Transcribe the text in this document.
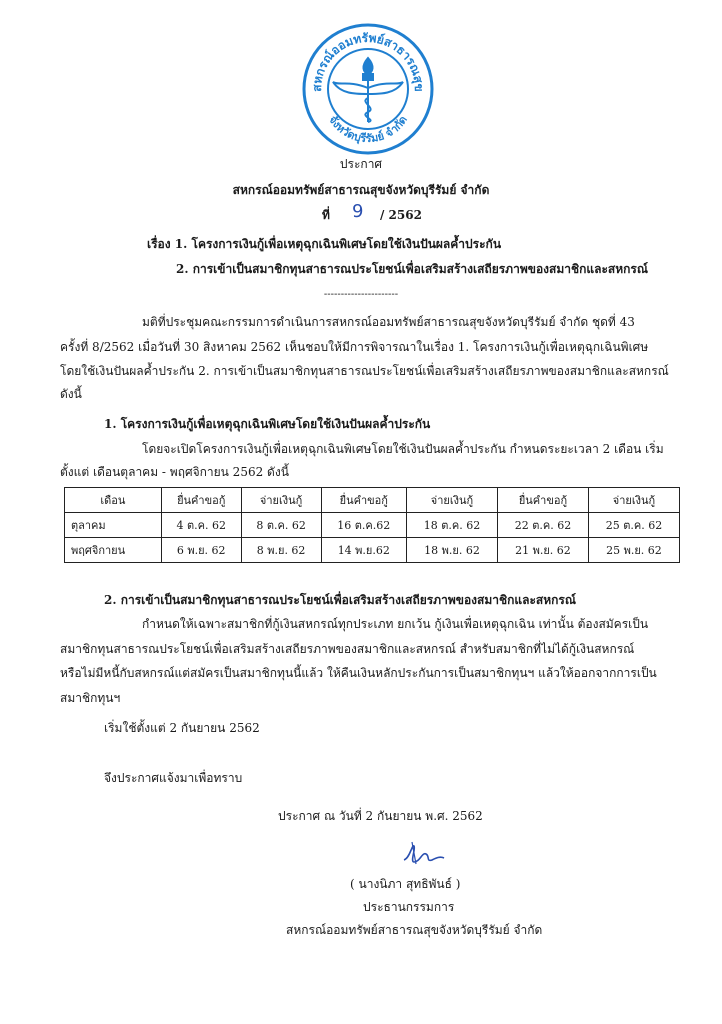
สหกรณ์ออมทรัพย์สาธารณสุข
จังหวัดบุรีรัมย์ จำกัด
ประกาศ
สหกรณ์ออมทรัพย์สาธารณสุขจังหวัดบุรีรัมย์ จำกัด
ที่ 9 / 2562
เรื่อง 1. โครงการเงินกู้เพื่อเหตุฉุกเฉินพิเศษโดยใช้เงินปันผลค้ำประกัน
2. การเข้าเป็นสมาชิกทุนสาธารณประโยชน์เพื่อเสริมสร้างเสถียรภาพของสมาชิกและสหกรณ์
----------------------
มติที่ประชุมคณะกรรมการดำเนินการสหกรณ์ออมทรัพย์สาธารณสุขจังหวัดบุรีรัมย์ จำกัด ชุดที่ 43
ครั้งที่ 8/2562 เมื่อวันที่ 30 สิงหาคม 2562 เห็นชอบให้มีการพิจารณาในเรื่อง 1. โครงการเงินกู้เพื่อเหตุฉุกเฉินพิเศษ
โดยใช้เงินปันผลค้ำประกัน 2. การเข้าเป็นสมาชิกทุนสาธารณประโยชน์เพื่อเสริมสร้างเสถียรภาพของสมาชิกและสหกรณ์
ดังนี้
1. โครงการเงินกู้เพื่อเหตุฉุกเฉินพิเศษโดยใช้เงินปันผลค้ำประกัน
โดยจะเปิดโครงการเงินกู้เพื่อเหตุฉุกเฉินพิเศษโดยใช้เงินปันผลค้ำประกัน กำหนดระยะเวลา 2 เดือน เริ่ม
ตั้งแต่ เดือนตุลาคม - พฤศจิกายน 2562 ดังนี้
เดือน	ยื่นคำขอกู้	จ่ายเงินกู้	ยื่นคำขอกู้	จ่ายเงินกู้	ยื่นคำขอกู้	จ่ายเงินกู้
ตุลาคม	4 ต.ค. 62	8 ต.ค. 62	16 ต.ค.62	18 ต.ค. 62	22 ต.ค. 62	25 ต.ค. 62
พฤศจิกายน	6 พ.ย. 62	8 พ.ย. 62	14 พ.ย.62	18 พ.ย. 62	21 พ.ย. 62	25 พ.ย. 62
2. การเข้าเป็นสมาชิกทุนสาธารณประโยชน์เพื่อเสริมสร้างเสถียรภาพของสมาชิกและสหกรณ์
กำหนดให้เฉพาะสมาชิกที่กู้เงินสหกรณ์ทุกประเภท ยกเว้น กู้เงินเพื่อเหตุฉุกเฉิน เท่านั้น ต้องสมัครเป็น
สมาชิกทุนสาธารณประโยชน์เพื่อเสริมสร้างเสถียรภาพของสมาชิกและสหกรณ์ สำหรับสมาชิกที่ไม่ได้กู้เงินสหกรณ์
หรือไม่มีหนี้กับสหกรณ์แต่สมัครเป็นสมาชิกทุนนี้แล้ว ให้คืนเงินหลักประกันการเป็นสมาชิกทุนฯ แล้วให้ออกจากการเป็น
สมาชิกทุนฯ
เริ่มใช้ตั้งแต่ 2 กันยายน 2562
จึงประกาศแจ้งมาเพื่อทราบ
ประกาศ ณ วันที่ 2 กันยายน พ.ศ. 2562
( นางนิภา สุทธิพันธ์ )
ประธานกรรมการ
สหกรณ์ออมทรัพย์สาธารณสุขจังหวัดบุรีรัมย์ จำกัด
